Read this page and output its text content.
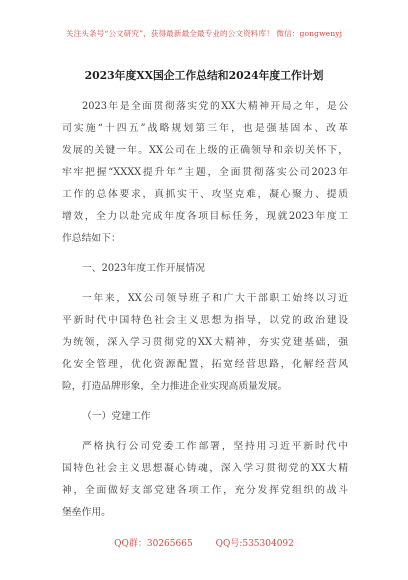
关注头条号“公文研究”，获得最新最全最专业的公文资料库！ 微信：gongwenyj
2023年度XX国企工作总结和2024年度工作计划
2023年是全面贯彻落实党的XX大精神开局之年，是公
司实施“十四五”战略规划第三年，也是强基固本、改革
发展的关键一年。XX公司在上级的正确领导和亲切关怀下，
牢牢把握“XXXX提升年”主题，全面贯彻落实公司2023年
工作的总体要求，真抓实干、攻坚克难，凝心聚力、提质
增效，全力以赴完成年度各项目标任务，现就2023年度工
作总结如下：
一、2023年度工作开展情况
一年来，XX公司领导班子和广大干部职工始终以习近
平新时代中国特色社会主义思想为指导，以党的政治建设
为统领，深入学习贯彻党的XX大精神，夯实党建基础，强
化安全管理，优化资源配置，拓宽经营思路，化解经营风
险，打造品牌形象，全力推进企业实现高质量发展。
（一）党建工作
严格执行公司党委工作部署，坚持用习近平新时代中
国特色社会主义思想凝心铸魂，深入学习贯彻党的XX大精
神，全面做好支部党建各项工作，充分发挥党组织的战斗
堡垒作用。
QQ群：30265665	QQ号:535304092
